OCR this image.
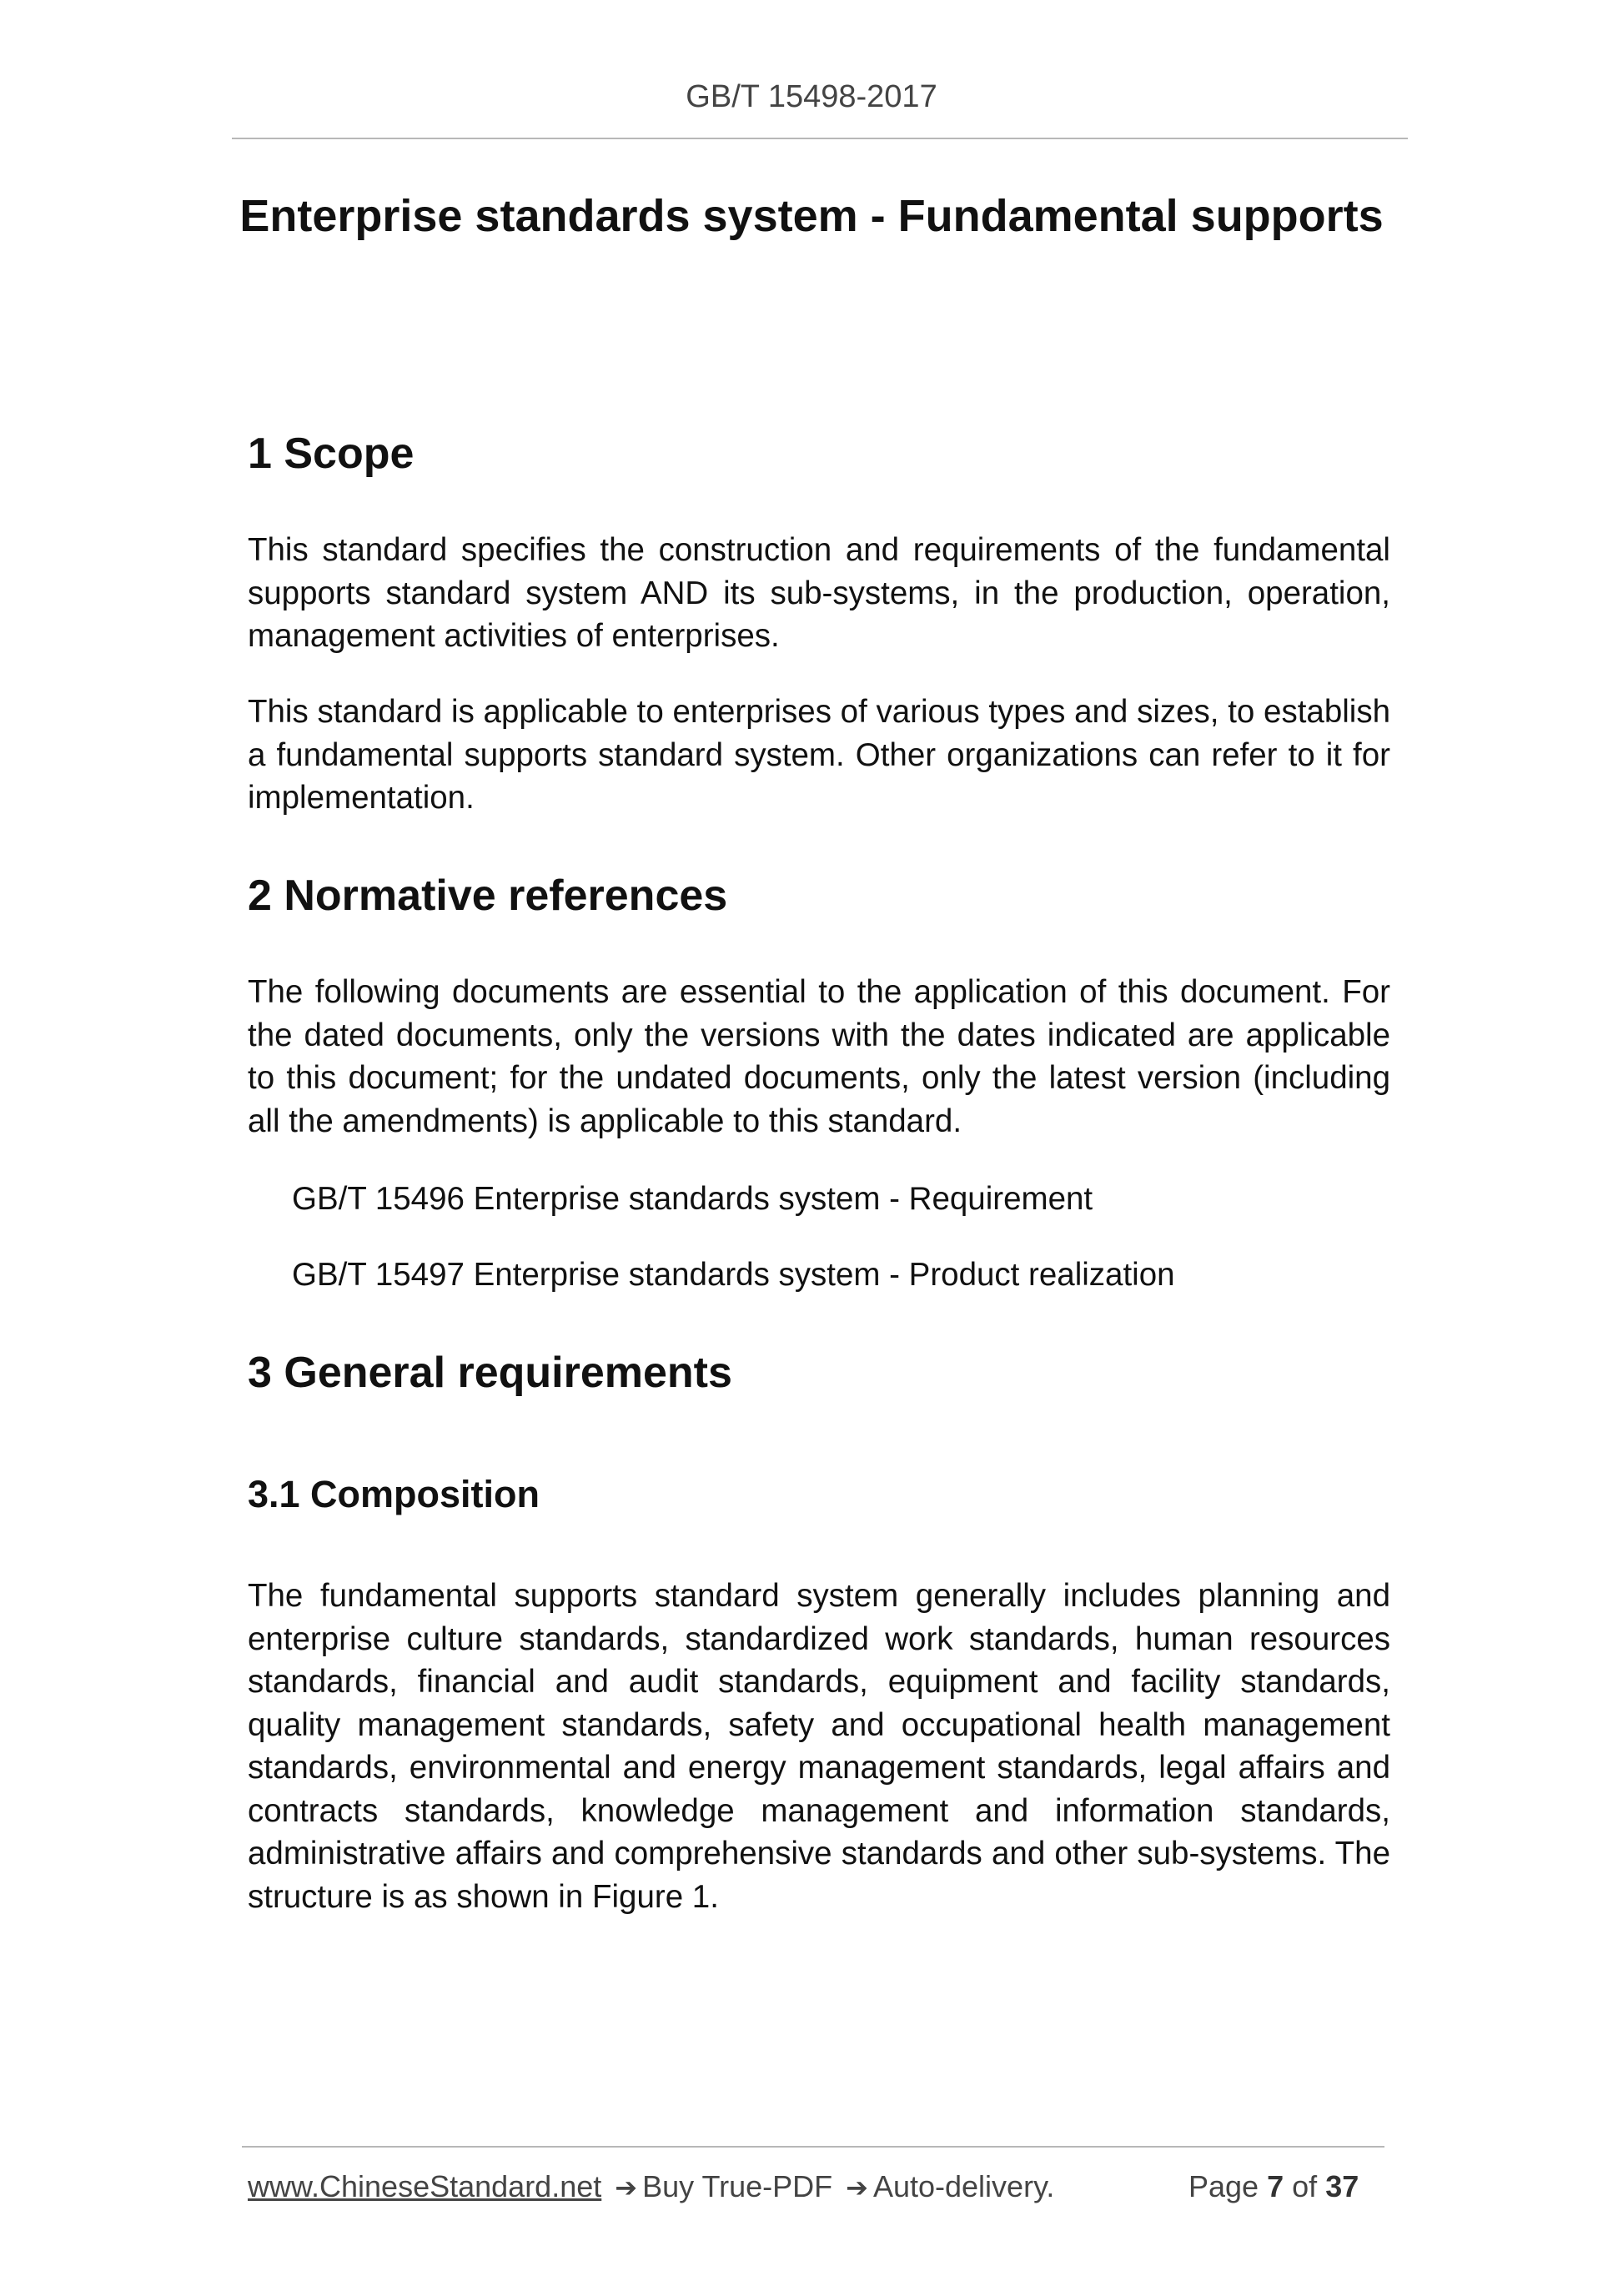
GB/T 15498-2017
Enterprise standards system - Fundamental supports
1 Scope

This standard specifies the construction and requirements of the fundamental supports standard system AND its sub-systems, in the production, operation, management activities of enterprises.

This standard is applicable to enterprises of various types and sizes, to establish a fundamental supports standard system. Other organizations can refer to it for implementation.

2 Normative references

The following documents are essential to the application of this document. For the dated documents, only the versions with the dates indicated are applicable to this document; for the undated documents, only the latest version (including all the amendments) is applicable to this standard.

GB/T 15496 Enterprise standards system - Requirement
GB/T 15497 Enterprise standards system - Product realization
3 General requirements
3.1 Composition

The fundamental supports standard system generally includes planning and enterprise culture standards, standardized work standards, human resources standards, financial and audit standards, equipment and facility standards, quality management standards, safety and occupational health management standards, environmental and energy management standards, legal affairs and contracts standards, knowledge management and information standards, administrative affairs and comprehensive standards and other sub-systems. The structure is as shown in Figure 1.

www.ChineseStandard.net ➔ Buy True-PDF ➔ Auto-delivery.	Page 7 of 37
